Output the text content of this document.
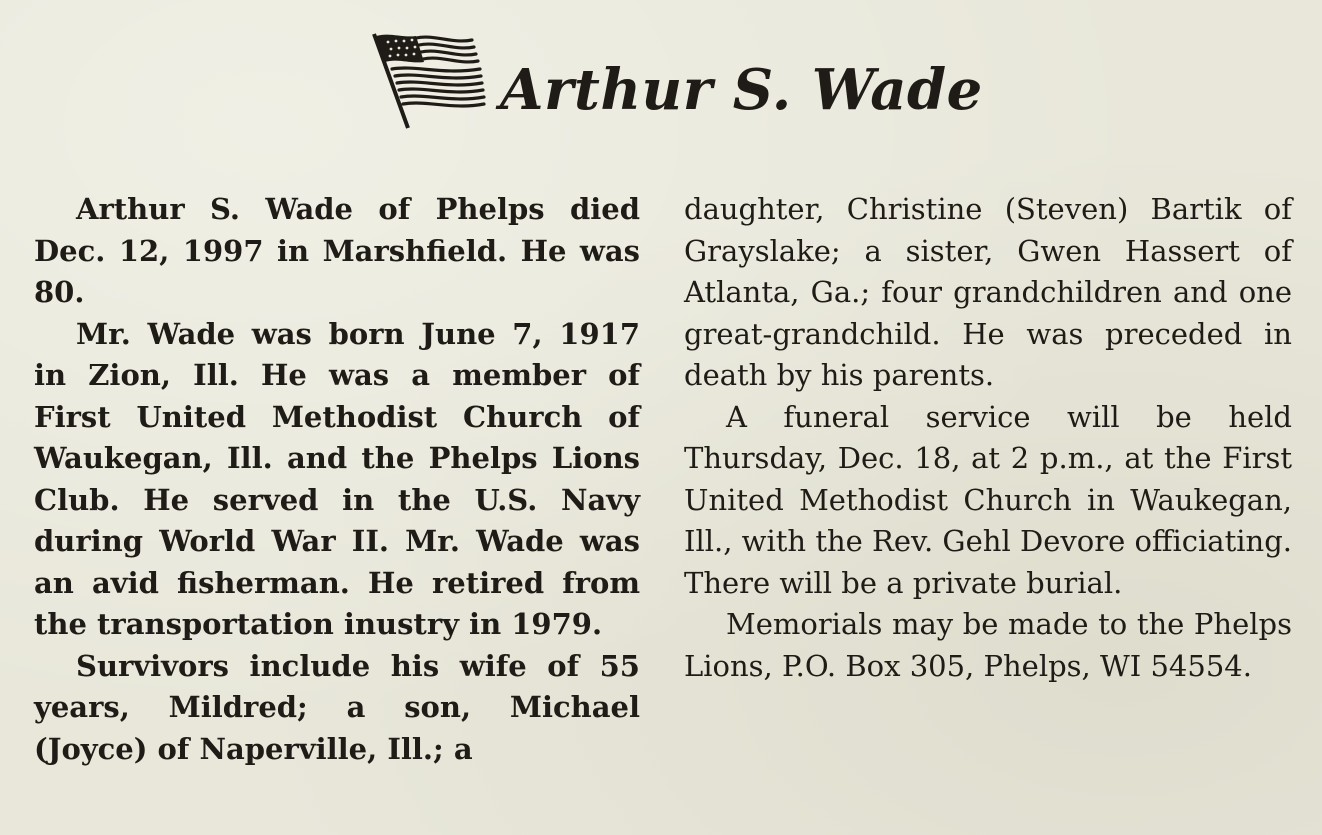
Arthur S. Wade

Arthur S. Wade of Phelps died Dec. 12, 1997 in Marshfield. He was 80.

Mr. Wade was born June 7, 1917 in Zion, Ill. He was a member of First United Methodist Church of Waukegan, Ill. and the Phelps Lions Club. He served in the U.S. Navy during World War II. Mr. Wade was an avid fisherman. He retired from the transportation inustry in 1979.

Survivors include his wife of 55 years, Mildred; a son, Michael (Joyce) of Naperville, Ill.; a

daughter, Christine (Steven) Bartik of Grayslake; a sister, Gwen Hassert of Atlanta, Ga.; four grandchildren and one great-grandchild. He was preceded in death by his parents.

A funeral service will be held Thursday, Dec. 18, at 2 p.m., at the First United Methodist Church in Waukegan, Ill., with the Rev. Gehl Devore officiating. There will be a private burial.

Memorials may be made to the Phelps Lions, P.O. Box 305, Phelps, WI 54554.
